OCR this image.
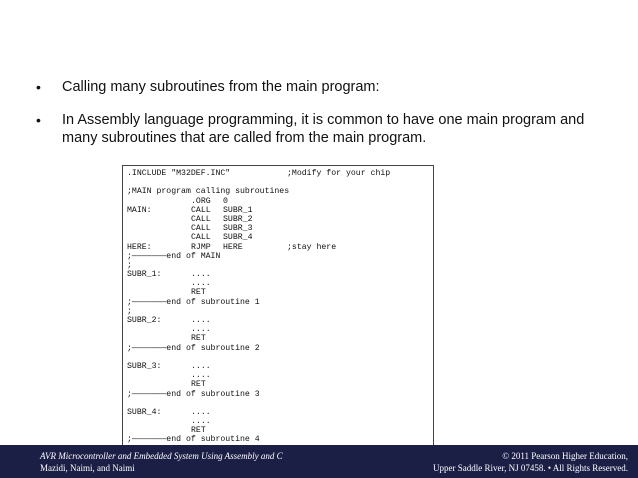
• Calling many subroutines from the main program:
• In Assembly language programming, it is common to have one main program and many subroutines that are called from the main program.
.INCLUDE "M32DEF.INC"	;Modify for your chip
;MAIN program calling subroutines
.ORG 0
MAIN:	CALL SUBR_1
CALL SUBR_2
CALL SUBR_3
CALL SUBR_4
HERE:	RJMP HERE	;stay here
;———————end of MAIN
;
SUBR_1:	....
....
RET
;———————end of subroutine 1
;
SUBR_2:	....
....
RET
;———————end of subroutine 2
SUBR_3:	....
....
RET
;———————end of subroutine 3
SUBR_4:	....
....
RET
;———————end of subroutine 4
AVR Microcontroller and Embedded System Using Assembly and C
Mazidi, Naimi, and Naimi
© 2011 Pearson Higher Education,
Upper Saddle River, NJ 07458. • All Rights Reserved.
